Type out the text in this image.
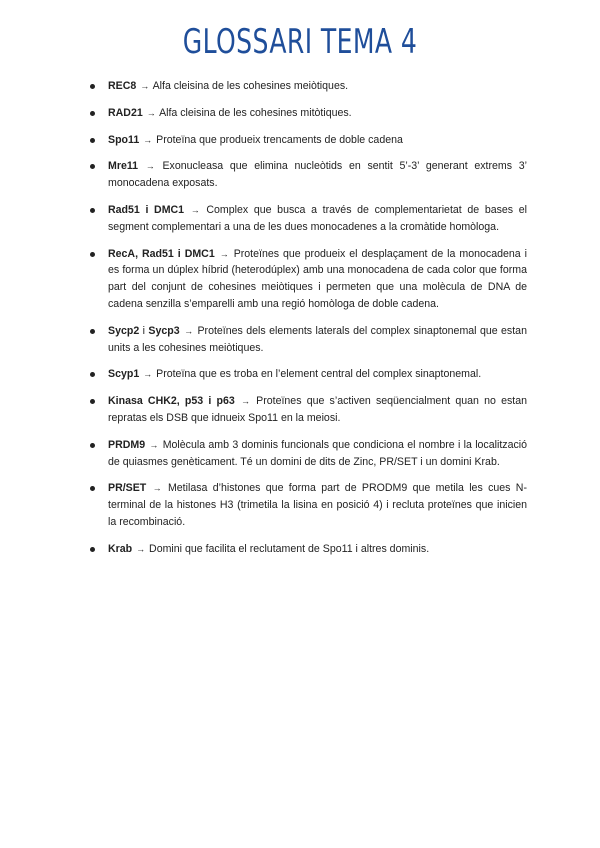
GLOSSARI TEMA 4
REC8 → Alfa cleisina de les cohesines meiòtiques.
RAD21 → Alfa cleisina de les cohesines mitòtiques.
Spo11 → Proteïna que produeix trencaments de doble cadena
Mre11 → Exonucleasa que elimina nucleòtids en sentit 5’-3’ generant extrems 3’ monocadena exposats.
Rad51 i DMC1 → Complex que busca a través de complementarietat de bases el segment complementari a una de les dues monocadenes a la cromàtide homòloga.
RecA, Rad51 i DMC1 → Proteïnes que produeix el desplaçament de la monocadena i es forma un dúplex híbrid (heterodúplex) amb una monocadena de cada color que forma part del conjunt de cohesines meiòtiques i permeten que una molècula de DNA de cadena senzilla s’emparelli amb una regió homòloga de doble cadena.
Sycp2 i Sycp3 → Proteïnes dels elements laterals del complex sinaptonemal que estan units a les cohesines meiòtiques.
Scyp1 → Proteïna que es troba en l’element central del complex sinaptonemal.
Kinasa CHK2, p53 i p63 → Proteïnes que s’activen seqüencialment quan no estan repratas els DSB que idnueix Spo11 en la meiosi.
PRDM9 → Molècula amb 3 dominis funcionals que condiciona el nombre i la localització de quiasmes genèticament. Té un domini de dits de Zinc, PR/SET i un domini Krab.
PR/SET → Metilasa d’histones que forma part de PRODM9 que metila les cues N-terminal de la histones H3 (trimetila la lisina en posició 4) i recluta proteïnes que inicien la recombinació.
Krab → Domini que facilita el reclutament de Spo11 i altres dominis.
